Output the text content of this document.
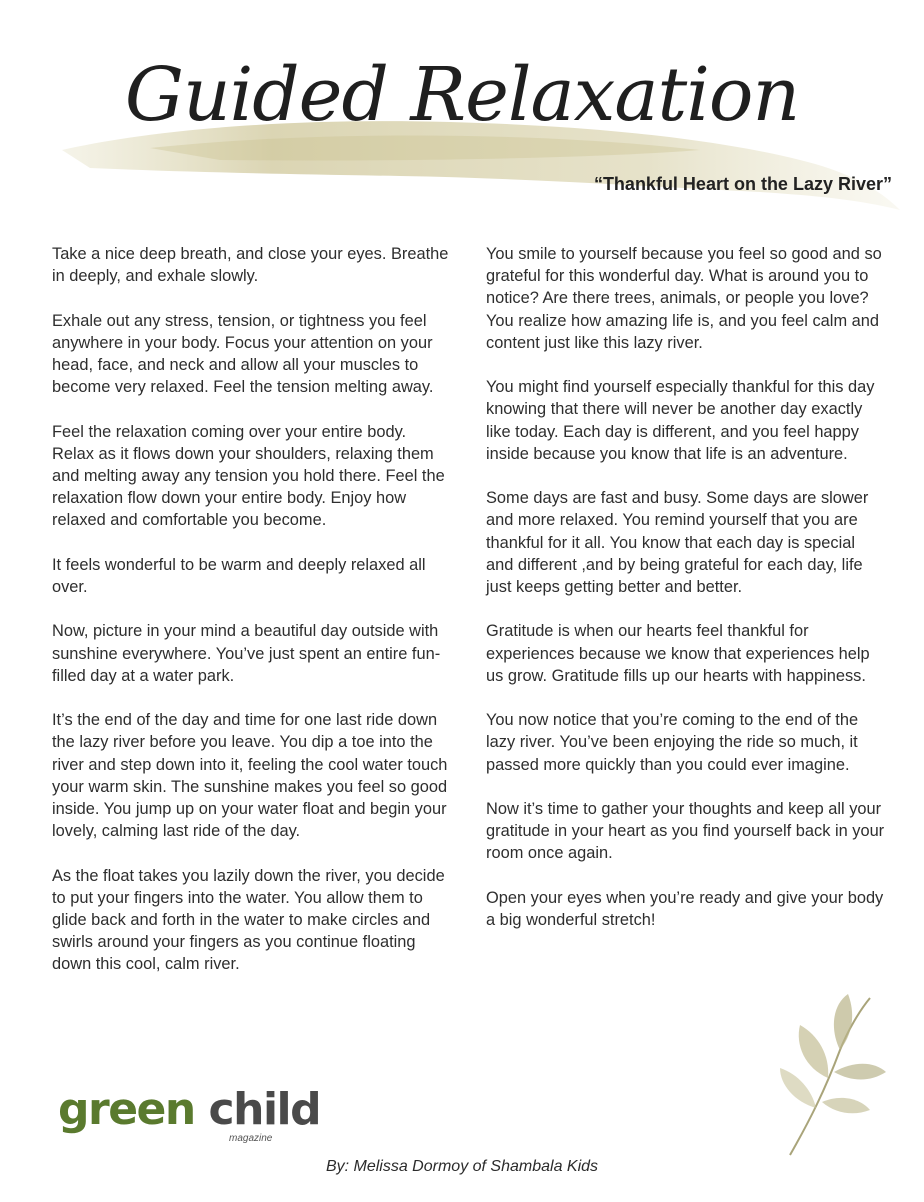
Guided Relaxation
“Thankful Heart on the Lazy River”

Take a nice deep breath, and close your eyes. Breathe in deeply, and exhale slowly.

Exhale out any stress, tension, or tightness you feel anywhere in your body. Focus your attention on your head, face, and neck and allow all your muscles to become very relaxed. Feel the tension melting away.

Feel the relaxation coming over your entire body. Relax as it flows down your shoulders, relaxing them and melting away any tension you hold there. Feel the relaxation flow down your entire body. Enjoy how relaxed and comfortable you become.

It feels wonderful to be warm and deeply relaxed all over.

Now, picture in your mind a beautiful day outside with sunshine everywhere. You’ve just spent an entire fun-filled day at a water park.

It’s the end of the day and time for one last ride down the lazy river before you leave. You dip a toe into the river and step down into it, feeling the cool water touch your warm skin. The sunshine makes you feel so good inside. You jump up on your water float and begin your lovely, calming last ride of the day.

As the float takes you lazily down the river, you decide to put your fingers into the water. You allow them to glide back and forth in the water to make circles and swirls around your fingers as you continue floating down this cool, calm river.

You smile to yourself because you feel so good and so grateful for this wonderful day. What is around you to notice? Are there trees, animals, or people you love? You realize how amazing life is, and you feel calm and content just like this lazy river.

You might find yourself especially thankful for this day knowing that there will never be another day exactly like today. Each day is different, and you feel happy inside because you know that life is an adventure.

Some days are fast and busy. Some days are slower and more relaxed. You remind yourself that you are thankful for it all. You know that each day is special and different ,and by being grateful for each day, life just keeps getting better and better.

Gratitude is when our hearts feel thankful for experiences because we know that experiences help us grow. Gratitude fills up our hearts with happiness.

You now notice that you’re coming to the end of the lazy river. You’ve been enjoying the ride so much, it passed more quickly than you could ever imagine.

Now it’s time to gather your thoughts and keep all your gratitude in your heart as you find yourself back in your room once again.

Open your eyes when you’re ready and give your body a big wonderful stretch!

green child
magazine
By: Melissa Dormoy of Shambala Kids
